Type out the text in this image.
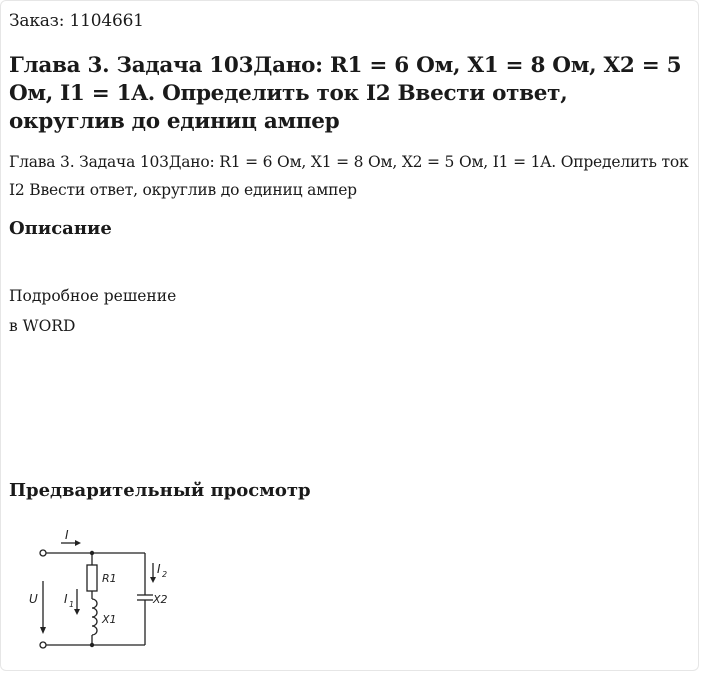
Заказ: 1104661
Глава 3. Задача 103Дано: R1 = 6 Ом, X1 = 8 Ом, X2 = 5 Ом, I1 = 1A. Определить ток I2 Ввести ответ, округлив до единиц ампер
Глава 3. Задача 103Дано: R1 = 6 Ом, X1 = 8 Ом, X2 = 5 Ом, I1 = 1A. Определить ток I2 Ввести ответ, округлив до единиц ампер
Описание
Подробное решение
в WORD
Предварительный просмотр
I
U I 1
I 2
R1
X1
X2
